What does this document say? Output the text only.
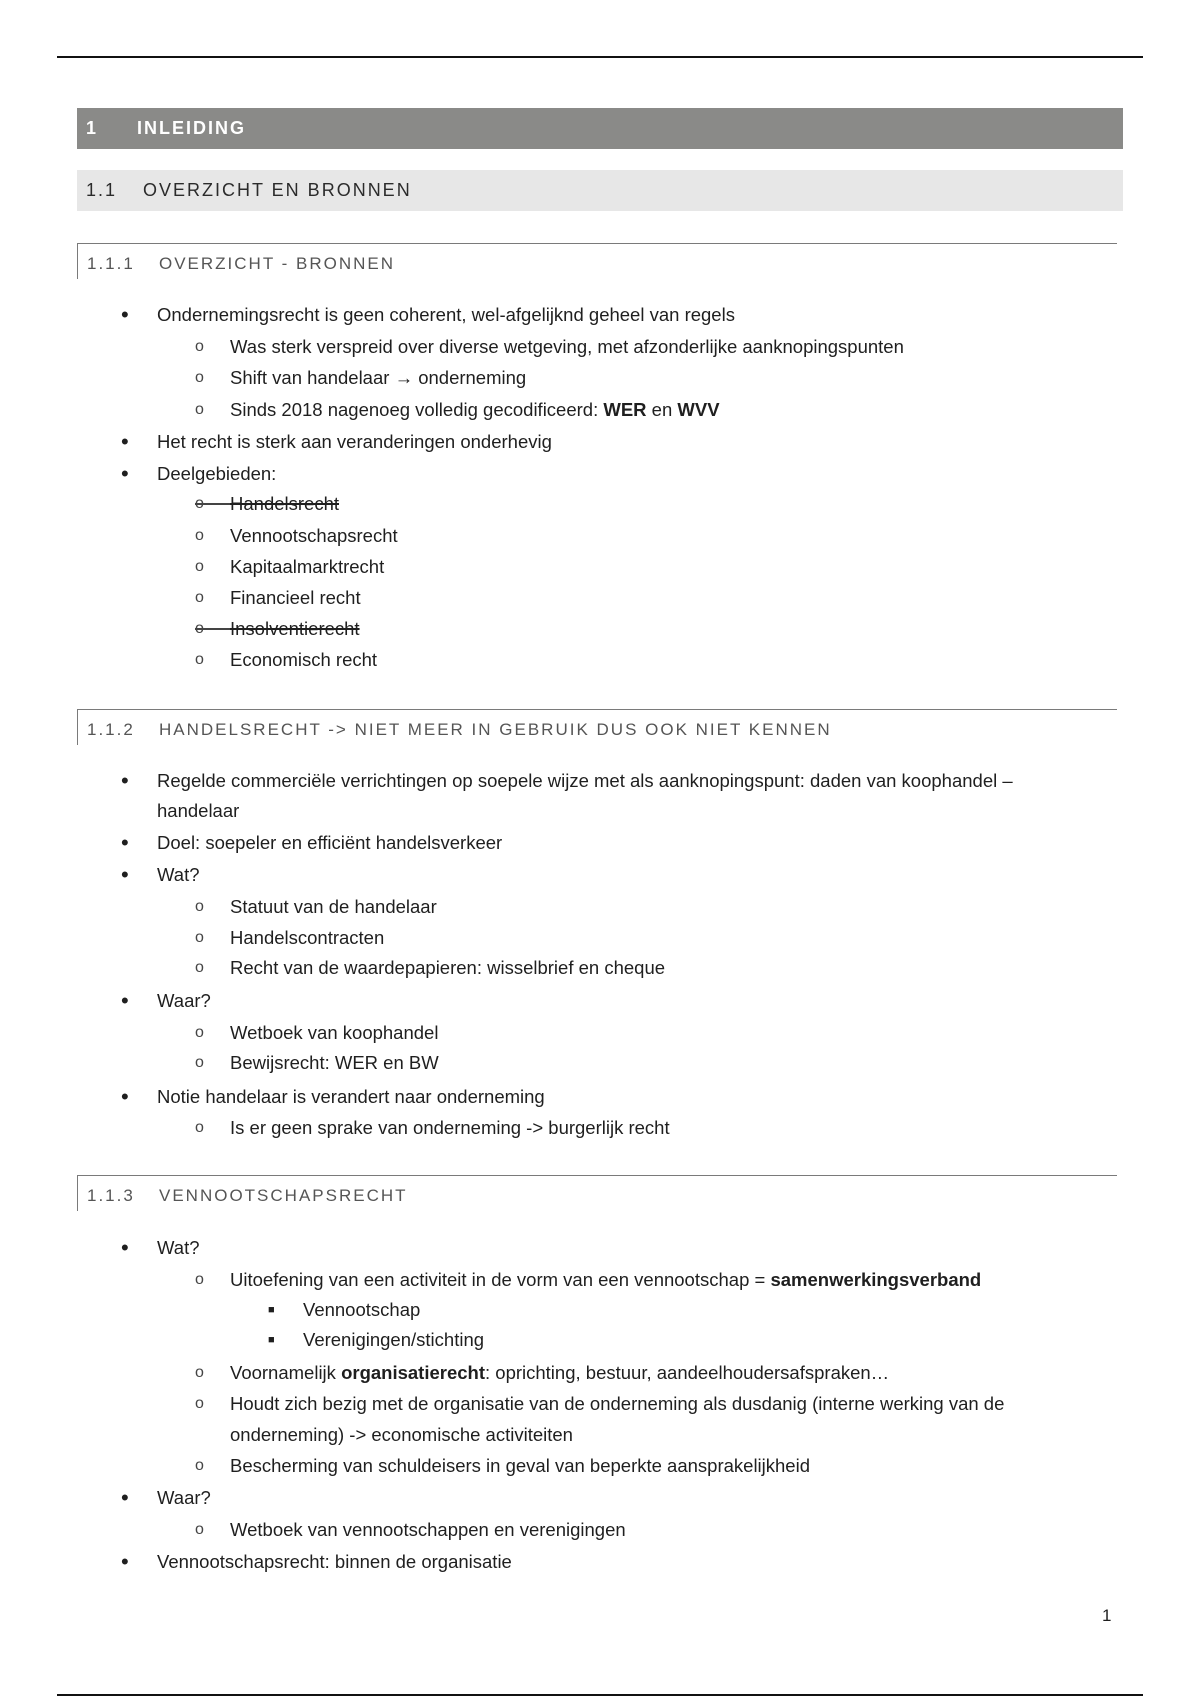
1	INLEIDING
1.1	OVERZICHT EN BRONNEN
1.1.1 OVERZICHT - BRONNEN
• Ondernemingsrecht is geen coherent, wel-afgelijknd geheel van regels
o Was sterk verspreid over diverse wetgeving, met afzonderlijke aanknopingspunten
o Shift van handelaar → onderneming
o Sinds 2018 nagenoeg volledig gecodificeerd: WER en WVV
• Het recht is sterk aan veranderingen onderhevig
• Deelgebieden:
o Handelsrecht
o Vennootschapsrecht
o Kapitaalmarktrecht
o Financieel recht
o Insolventierecht
o Economisch recht
1.1.2 HANDELSRECHT -> NIET MEER IN GEBRUIK DUS OOK NIET KENNEN
• Regelde commerciële verrichtingen op soepele wijze met als aanknopingspunt: daden van koophandel –
handelaar
• Doel: soepeler en efficiënt handelsverkeer
• Wat?
o Statuut van de handelaar
o Handelscontracten
o Recht van de waardepapieren: wisselbrief en cheque
• Waar?
o Wetboek van koophandel
o Bewijsrecht: WER en BW
• Notie handelaar is verandert naar onderneming
o Is er geen sprake van onderneming -> burgerlijk recht
1.1.3 VENNOOTSCHAPSRECHT
• Wat?
o Uitoefening van een activiteit in de vorm van een vennootschap = samenwerkingsverband
■ Vennootschap
■ Verenigingen/stichting
o Voornamelijk organisatierecht: oprichting, bestuur, aandeelhoudersafspraken…
o Houdt zich bezig met de organisatie van de onderneming als dusdanig (interne werking van de
onderneming) -> economische activiteiten
o Bescherming van schuldeisers in geval van beperkte aansprakelijkheid
• Waar?
o Wetboek van vennootschappen en verenigingen
• Vennootschapsrecht: binnen de organisatie
1
